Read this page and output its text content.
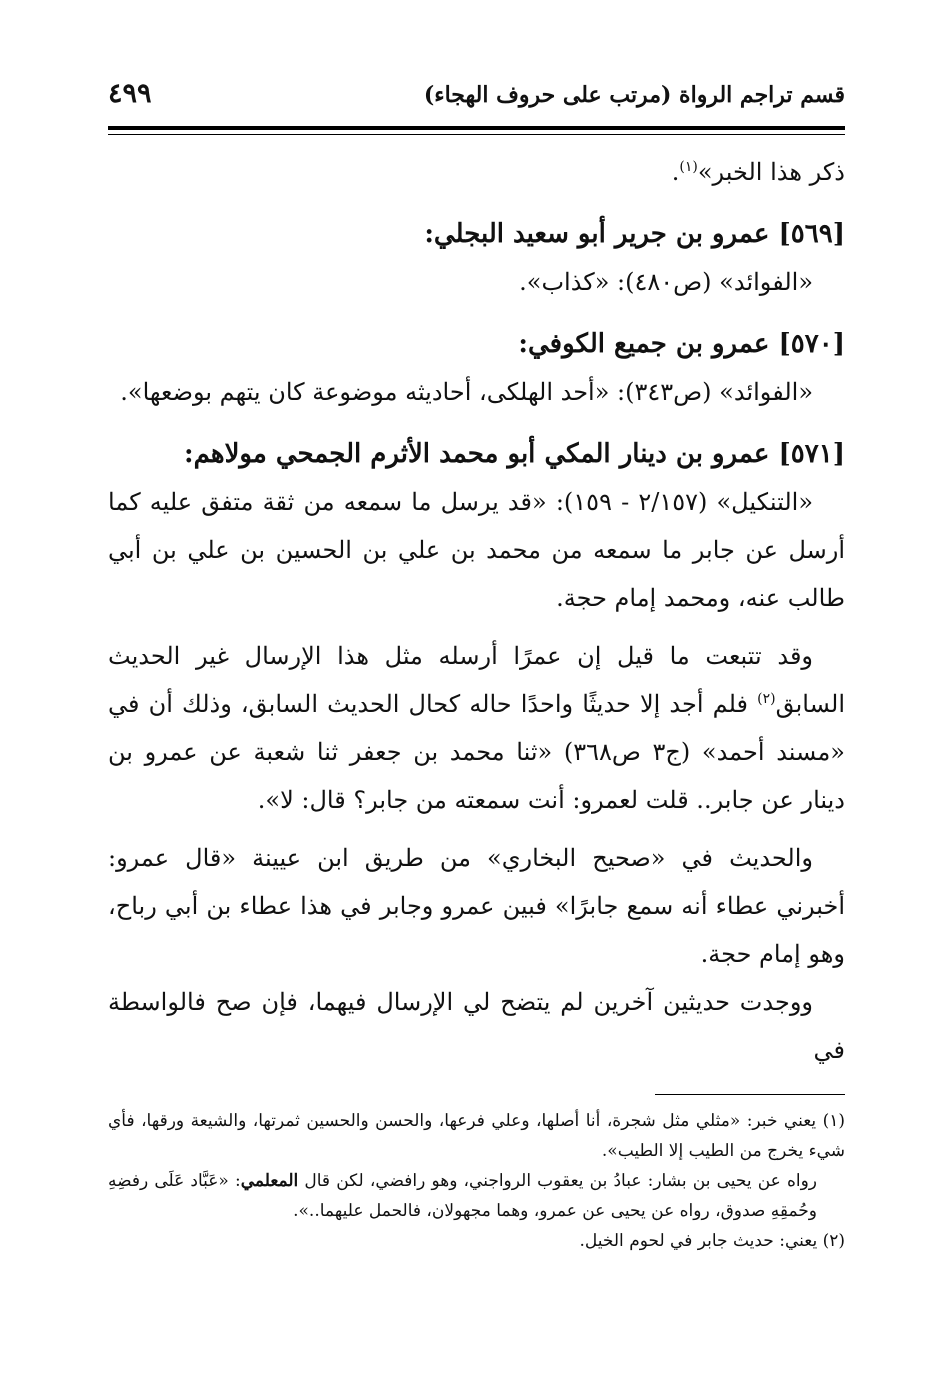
قسم تراجم الرواة (مرتب على حروف الهجاء)
٤٩٩

ذكر هذا الخبر»$^{(١)}$.

[٥٦٩] عمرو بن جرير أبو سعيد البجلي:

«الفوائد» (ص٤٨٠): «كذاب».

[٥٧٠] عمرو بن جميع الكوفي:

«الفوائد» (ص٣٤٣): «أحد الهلكى، أحاديثه موضوعة كان يتهم بوضعها».

[٥٧١] عمرو بن دينار المكي أبو محمد الأثرم الجمحي مولاهم:

«التنكيل» (٢/١٥٧ - ١٥٩): «قد يرسل ما سمعه من ثقة متفق عليه كما أرسل عن جابر ما سمعه من محمد بن علي بن الحسين بن علي بن أبي طالب عنه، ومحمد إمام حجة.

وقد تتبعت ما قيل إن عمرًا أرسله مثل هذا الإرسال غير الحديث السابق$^{(٢)}$ فلم أجد إلا حديثًا واحدًا حاله كحال الحديث السابق، وذلك أن في «مسند أحمد» (ج٣ ص٣٦٨) «ثنا محمد بن جعفر ثنا شعبة عن عمرو بن دينار عن جابر.. قلت لعمرو: أنت سمعته من جابر؟ قال: لا».

والحديث في «صحيح البخاري» من طريق ابن عيينة «قال عمرو: أخبرني عطاء أنه سمع جابرًا» فبين عمرو وجابر في هذا عطاء بن أبي رباح، وهو إمام حجة.

ووجدت حديثين آخرين لم يتضح لي الإرسال فيهما، فإن صح فالواسطة في

(١) يعني خبر: «مثلي مثل شجرة، أنا أصلها، وعلي فرعها، والحسن والحسين ثمرتها، والشيعة ورقها، فأي شيء يخرج من الطيب إلا الطيب».

رواه عن يحيى بن بشار: عبادُ بن يعقوب الرواجني، وهو رافضي، لكن قال المعلمي: «عَبَّاد عَلَى رفضِهِ وحُمقِهِ صدوق، رواه عن يحيى عن عمرو، وهما مجهولان، فالحمل عليهما..».

(٢) يعني: حديث جابر في لحوم الخيل.
